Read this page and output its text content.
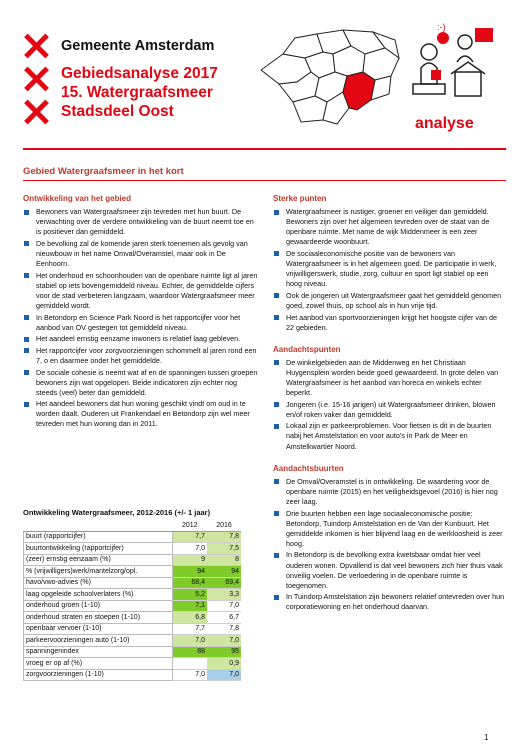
Gemeente Amsterdam
Gebiedsanalyse 2017
15. Watergraafsmeer
Stadsdeel Oost
:-)
analyse
Gebied Watergraafsmeer in het kort
Ontwikkeling van het gebied
Bewoners van Watergraafsmeer zijn tevreden met hun buurt. De verwachting over de verdere ontwikkeling van de buurt neemt toe en is positiever dan gemiddeld.
De bevolking zal de komende jaren sterk toenemen als gevolg van nieuwbouw in het name Omval/Overamstel, maar ook in De Eenhoorn.
Het onderhoud en schoonhouden van de openbare ruimte ligt al jaren stabiel op iets bovengemiddeld niveau. Echter, de gemiddelde cijfers voor de stad verbeteren langzaam, waardoor Watergraafsmeer meer gemiddeld wordt.
In Betondorp en Science Park Noord is het rapportcijfer voor het aanbod van OV gestegen tot gemiddeld niveau.
Het aandeel ernstig eenzame inwoners is relatief laag gebleven.
Het rapportcijfer voor zorgvoorzieningen schommelt al jaren rond een 7, o en daarmee onder het gemiddelde.
De sociale cohesie is neemt wat af en de spanningen tussen groepen bewoners zijn wat opgelopen. Beide indicatoren zijn echter nog steeds (veel) beter dan gemiddeld.
Het aandeel bewoners dat hun woning geschikt vindt om oud in te worden daalt. Ouderen uit Frankendael en Betondorp zijn wel meer tevreden met hun woning dan in 2011.
Ontwikkeling Watergraafsmeer, 2012-2016 (+/- 1 jaar)
	2012	2016
buurt (rapportcijfer)	7,7	7,8
buurtontwikkeling (rapportcijfer)	7,0	7,5
(zeer) ernstig eenzaam (%)	9	8
% (vrijwilligers)werk/mantelzorg/opl.	94	94
havo/vwo-advies (%)	68,4	69,4
laag opgeleide schoolverlaters (%)	5,2	3,3
onderhoud groen (1-10)	7,1	7,0
onderhoud straten en stoepen (1-10)	6,8	6,7
openbaar vervoer (1-10)	7,7	7,8
parkeervoorzieningen auto (1-10)	7,0	7,0
spanningenindex	88	95
vroeg er op af (%)		0,9
zorgvoorzieningen (1-10)	7,0	7,0
Sterke punten
Watergraafsmeer is rustiger, groener en veiliger dan gemiddeld. Bewoners zijn over het algemeen tevreden over de staat van de openbare ruimte. Met name de wijk Middenmeer is een zeer gewaardeerde woonbuurt.
De sociaaleconomische positie van de bewoners van Watergraafsmeer is in het algemeen goed. De participatie in werk, vrijwilligerswerk, studie, zorg, cultuur en sport ligt stabiel op een hoog niveau.
Ook de jongeren uit Watergraafsmeer gaat het gemiddeld genomen goed, zowel thuis, op school als in hun vrije tijd.
Het aanbod van sportvoorzieningen krijgt het hoogste cijfer van de 22 gebieden.
Aandachtspunten
De winkelgebieden aan de Middenweg en het Christiaan Huygensplein worden beide goed gewaardeerd. In grote delen van Watergraafsmeer is het aanbod van horeca en winkels echter beperkt.
Jongeren (i.e. 15-16 jarigen) uit Watergraafsmeer drinken, blowen en/of roken vaker dan gemiddeld.
Lokaal zijn er parkeerproblemen. Voor fietsen is dit in de buurten nabij het Amstelstation en voor auto’s in Park de Meer en Amstelkwartier Noord.
Aandachtsbuurten
De Omval/Overamstel is in ontwikkeling. De waardering voor de openbare ruimte (2015) en het veiligheidsgevoel (2016) is hier nog zeer laag.
Drie buurten hebben een lage sociaaleconomische positie: Betondorp, Tuindorp Amstelstation en de Van der Kunbuurt. Het gemiddelde inkomen is hier blijvend laag en de werkloosheid is zeer hoog.
In Betondorp is de bevolking extra kwetsbaar omdat hier veel ouderen wonen. Opvallend is dat veel bewoners zich hier thuis vaak onveilig voelen. De verloedering in de openbare ruimte is toegenomen.
In Tuindorp Amstelstation zijn bewoners relatief ontevreden over hun corporatiewoning en het onderhoud daarvan.
1
